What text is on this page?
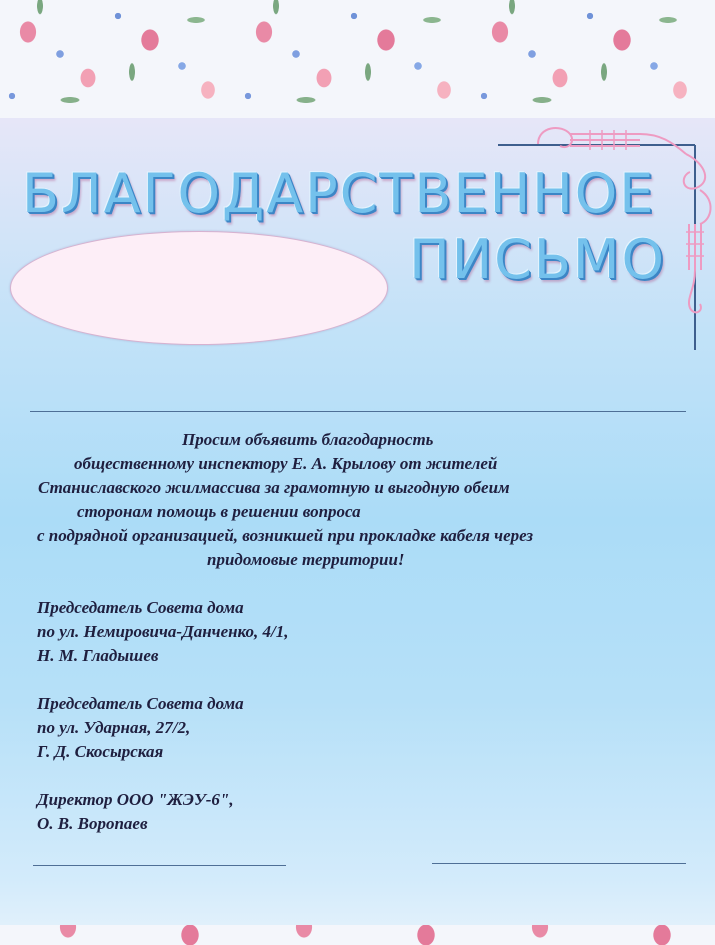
БЛАГОДАРСТВЕННОЕ
ПИСЬМО

Просим объявить благодарность

общественному инспектору Е. А. Крылову от жителей

Станиславского жилмассива за грамотную и выгодную обеим

сторонам помощь в решении вопроса

с подрядной организацией, возникшей при прокладке кабеля через

придомовые территории!

Председатель Совета дома
по ул. Немировича-Данченко, 4/1,
Н. М. Гладышев
Председатель Совета дома
по ул. Ударная, 27/2,
Г. Д. Скосырская
Директор ООО "ЖЭУ-6",
О. В. Воропаев
